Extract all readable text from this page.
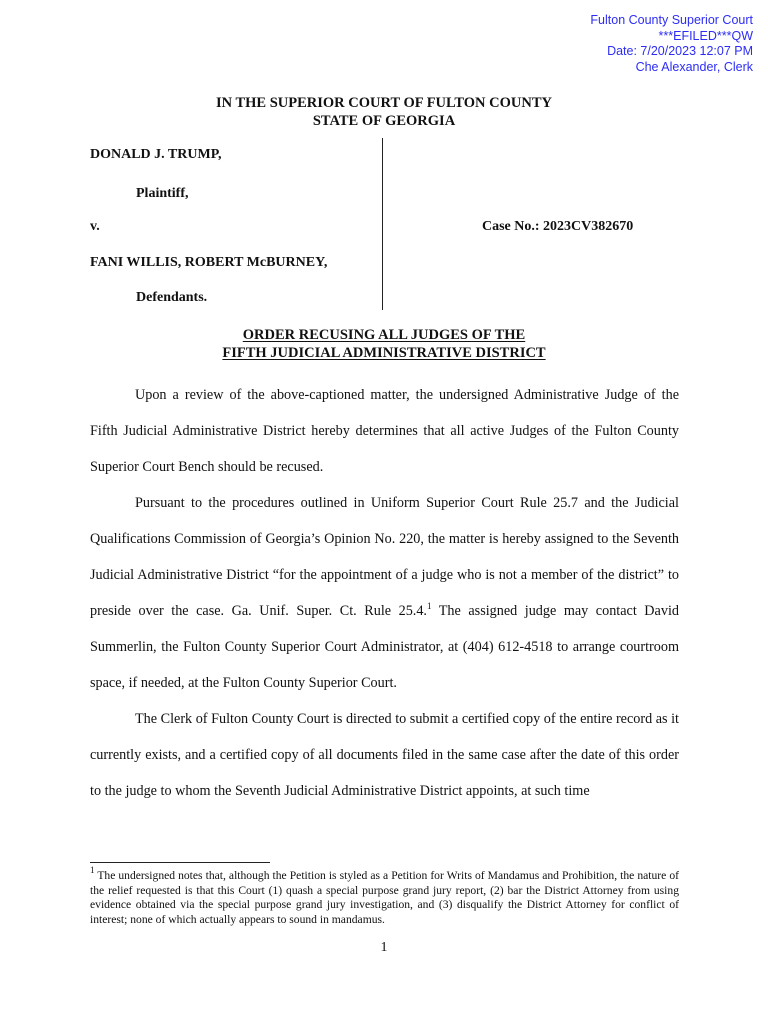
Fulton County Superior Court
***EFILED***QW
Date: 7/20/2023 12:07 PM
Che Alexander, Clerk
IN THE SUPERIOR COURT OF FULTON COUNTY
STATE OF GEORGIA
DONALD J. TRUMP,
Plaintiff,
v.	Case No.: 2023CV382670
FANI WILLIS, ROBERT McBURNEY,
Defendants.
ORDER RECUSING ALL JUDGES OF THE
FIFTH JUDICIAL ADMINISTRATIVE DISTRICT

Upon a review of the above-captioned matter, the undersigned Administrative Judge of the Fifth Judicial Administrative District hereby determines that all active Judges of the Fulton County Superior Court Bench should be recused.

Pursuant to the procedures outlined in Uniform Superior Court Rule 25.7 and the Judicial Qualifications Commission of Georgia’s Opinion No. 220, the matter is hereby assigned to the Seventh Judicial Administrative District “for the appointment of a judge who is not a member of the district” to preside over the case. Ga. Unif. Super. Ct. Rule 25.4.$^1$ The assigned judge may contact David Summerlin, the Fulton County Superior Court Administrator, at (404) 612-4518 to arrange courtroom space, if needed, at the Fulton County Superior Court.

The Clerk of Fulton County Court is directed to submit a certified copy of the entire record as it currently exists, and a certified copy of all documents filed in the same case after the date of this order to the judge to whom the Seventh Judicial Administrative District appoints, at such time

$^1$ The undersigned notes that, although the Petition is styled as a Petition for Writs of Mandamus and Prohibition, the nature of the relief requested is that this Court (1) quash a special purpose grand jury report, (2) bar the District Attorney from using evidence obtained via the special purpose grand jury investigation, and (3) disqualify the District Attorney for conflict of interest; none of which actually appears to sound in mandamus.

1
